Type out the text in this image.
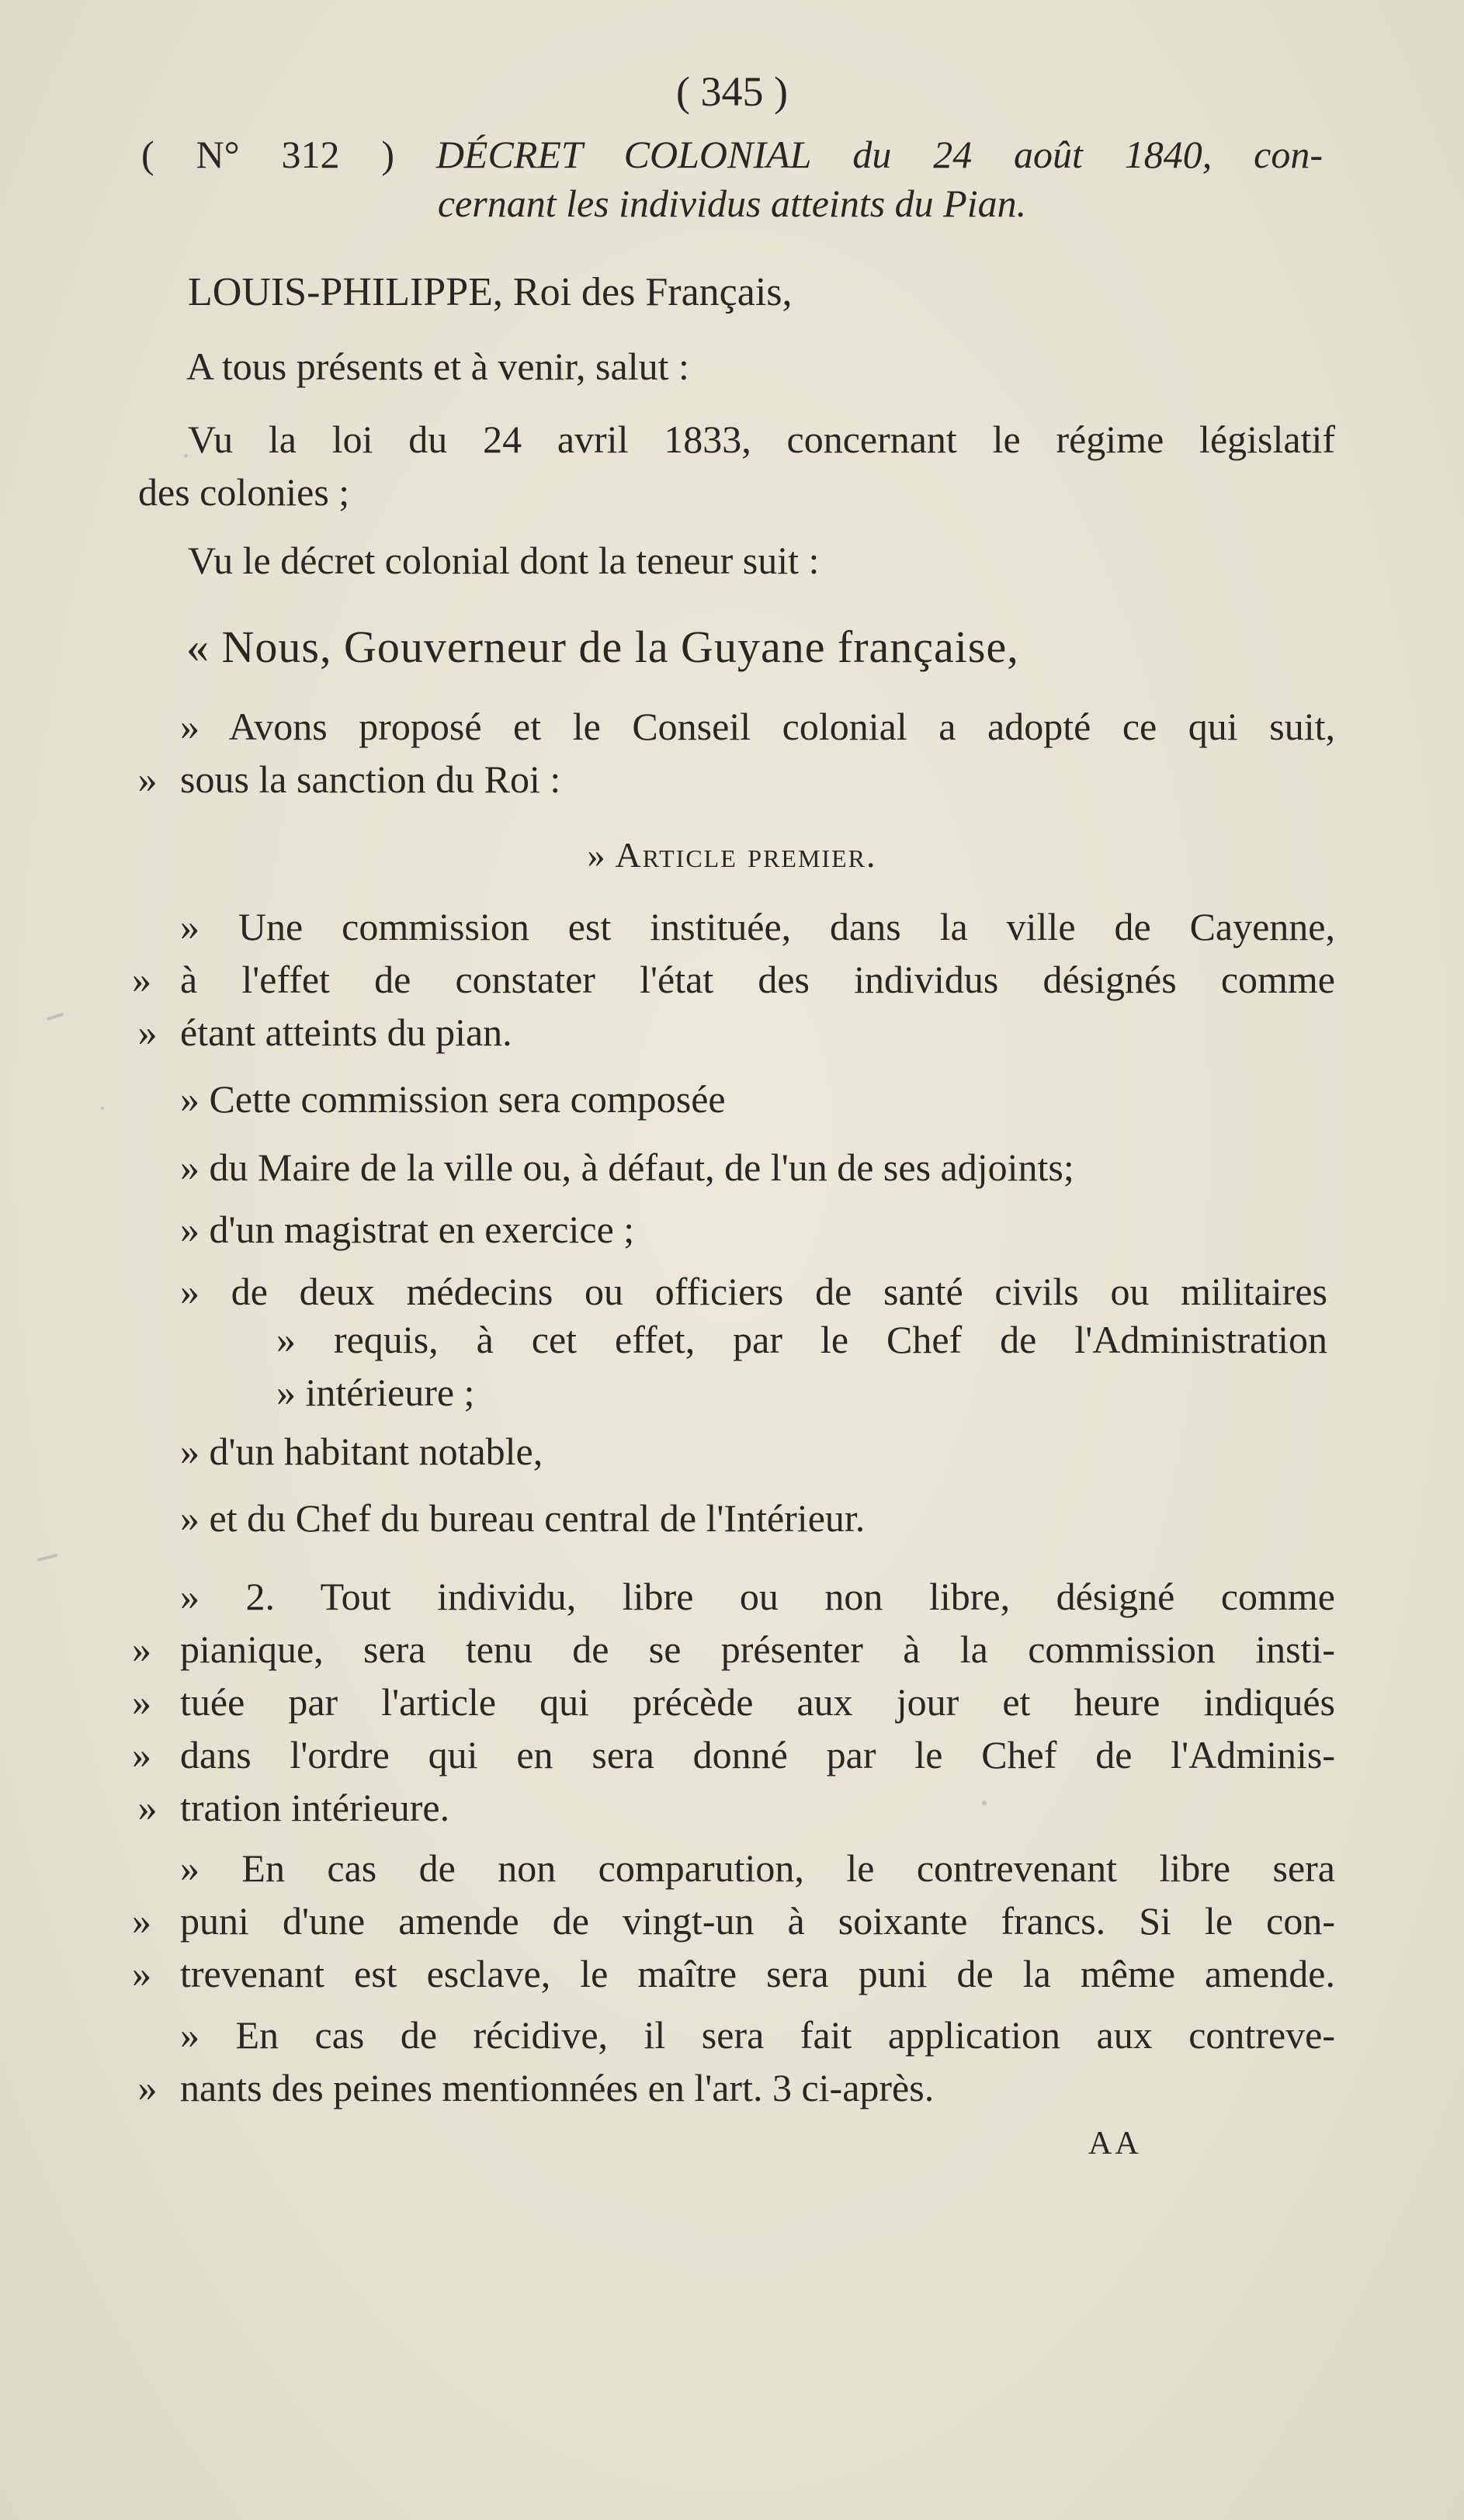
( 345 )
( N° 312 ) DÉCRET COLONIAL du 24 août 1840, con-
cernant les individus atteints du Pian.
LOUIS-PHILIPPE, Roi des Français,
A tous présents et à venir, salut :
Vu la loi du 24 avril 1833, concernant le régime législatif
des colonies ;
Vu le décret colonial dont la teneur suit :
« Nous, Gouverneur de la Guyane française,
» Avons proposé et le Conseil colonial a adopté ce qui suit,
» sous la sanction du Roi :
» Article premier.
» Une commission est instituée, dans la ville de Cayenne,
» à l'effet de constater l'état des individus désignés comme
» étant atteints du pian.
» Cette commission sera composée
» du Maire de la ville ou, à défaut, de l'un de ses adjoints;
» d'un magistrat en exercice ;
» de deux médecins ou officiers de santé civils ou militaires
» requis, à cet effet, par le Chef de l'Administration
» intérieure ;
» d'un habitant notable,
» et du Chef du bureau central de l'Intérieur.
» 2. Tout individu, libre ou non libre, désigné comme
» pianique, sera tenu de se présenter à la commission insti-
» tuée par l'article qui précède aux jour et heure indiqués
» dans l'ordre qui en sera donné par le Chef de l'Adminis-
» tration intérieure.
» En cas de non comparution, le contrevenant libre sera
» puni d'une amende de vingt-un à soixante francs. Si le con-
» trevenant est esclave, le maître sera puni de la même amende.
» En cas de récidive, il sera fait application aux contreve-
» nants des peines mentionnées en l'art. 3 ci-après.
AA
